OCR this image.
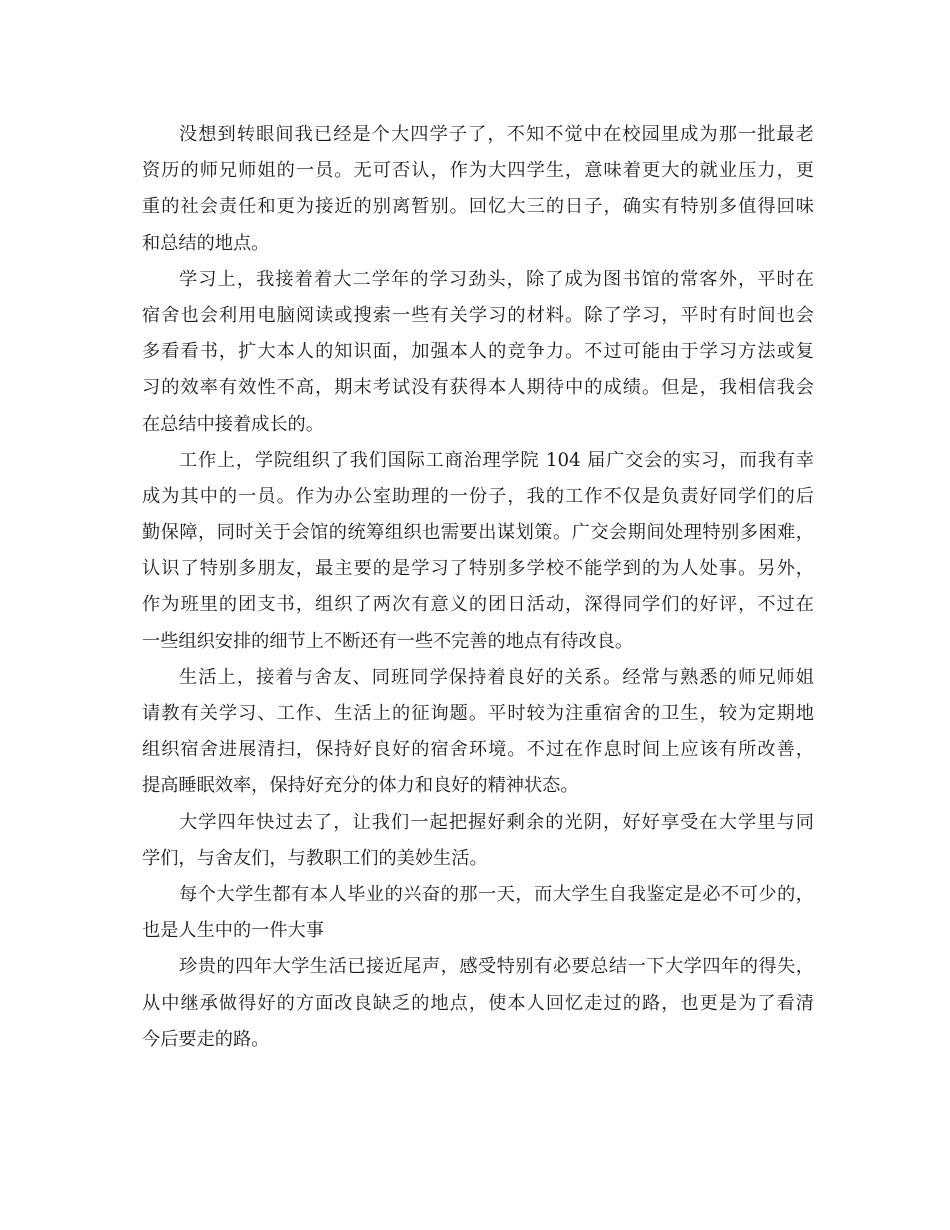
没想到转眼间我已经是个大四学子了，不知不觉中在校园里成为那一批最老
资历的师兄师姐的一员。无可否认，作为大四学生，意味着更大的就业压力，更
重的社会责任和更为接近的别离暂别。回忆大三的日子，确实有特别多值得回味
和总结的地点。

学习上，我接着着大二学年的学习劲头，除了成为图书馆的常客外，平时在
宿舍也会利用电脑阅读或搜索一些有关学习的材料。除了学习，平时有时间也会
多看看书，扩大本人的知识面，加强本人的竞争力。不过可能由于学习方法或复
习的效率有效性不高，期末考试没有获得本人期待中的成绩。但是，我相信我会
在总结中接着成长的。

工作上，学院组织了我们国际工商治理学院 104 届广交会的实习，而我有幸
成为其中的一员。作为办公室助理的一份子，我的工作不仅是负责好同学们的后
勤保障，同时关于会馆的统筹组织也需要出谋划策。广交会期间处理特别多困难，
认识了特别多朋友，最主要的是学习了特别多学校不能学到的为人处事。另外，
作为班里的团支书，组织了两次有意义的团日活动，深得同学们的好评，不过在
一些组织安排的细节上不断还有一些不完善的地点有待改良。

生活上，接着与舍友、同班同学保持着良好的关系。经常与熟悉的师兄师姐
请教有关学习、工作、生活上的征询题。平时较为注重宿舍的卫生，较为定期地
组织宿舍进展清扫，保持好良好的宿舍环境。不过在作息时间上应该有所改善，
提高睡眠效率，保持好充分的体力和良好的精神状态。

大学四年快过去了，让我们一起把握好剩余的光阴，好好享受在大学里与同
学们，与舍友们，与教职工们的美妙生活。

每个大学生都有本人毕业的兴奋的那一天，而大学生自我鉴定是必不可少的，
也是人生中的一件大事

珍贵的四年大学生活已接近尾声，感受特别有必要总结一下大学四年的得失，
从中继承做得好的方面改良缺乏的地点，使本人回忆走过的路，也更是为了看清
今后要走的路。
